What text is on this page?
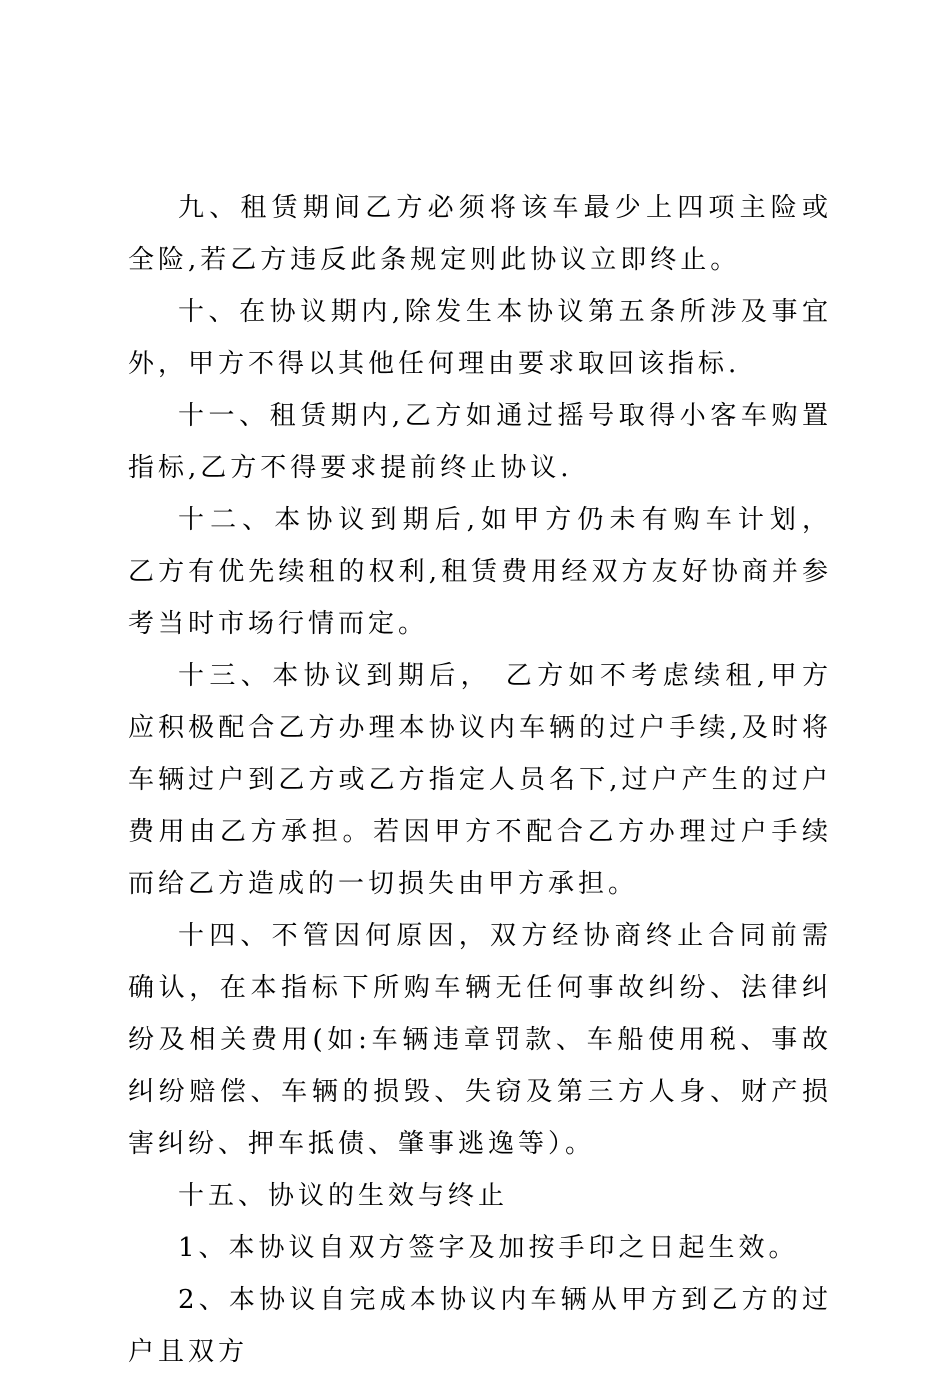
九、租赁期间乙方必须将该车最少上四项主险或全险,若乙方违反此条规定则此协议立即终止。

十、在协议期内,除发生本协议第五条所涉及事宜外，甲方不得以其他任何理由要求取回该指标.

十一、租赁期内,乙方如通过摇号取得小客车购置指标,乙方不得要求提前终止协议.

十二、本协议到期后,如甲方仍未有购车计划， 乙方有优先续租的权利,租赁费用经双方友好协商并参考当时市场行情而定。

十三、本协议到期后， 乙方如不考虑续租,甲方应积极配合乙方办理本协议内车辆的过户手续,及时将车辆过户到乙方或乙方指定人员名下,过户产生的过户费用由乙方承担。若因甲方不配合乙方办理过户手续而给乙方造成的一切损失由甲方承担。

十四、不管因何原因，双方经协商终止合同前需确认，在本指标下所购车辆无任何事故纠纷、法律纠纷及相关费用(如:车辆违章罚款、车船使用税、事故纠纷赔偿、车辆的损毁、失窃及第三方人身、财产损害纠纷、押车抵债、肇事逃逸等）。

十五、协议的生效与终止

1、本协议自双方签字及加按手印之日起生效。

2、本协议自完成本协议内车辆从甲方到乙方的过户且双方
